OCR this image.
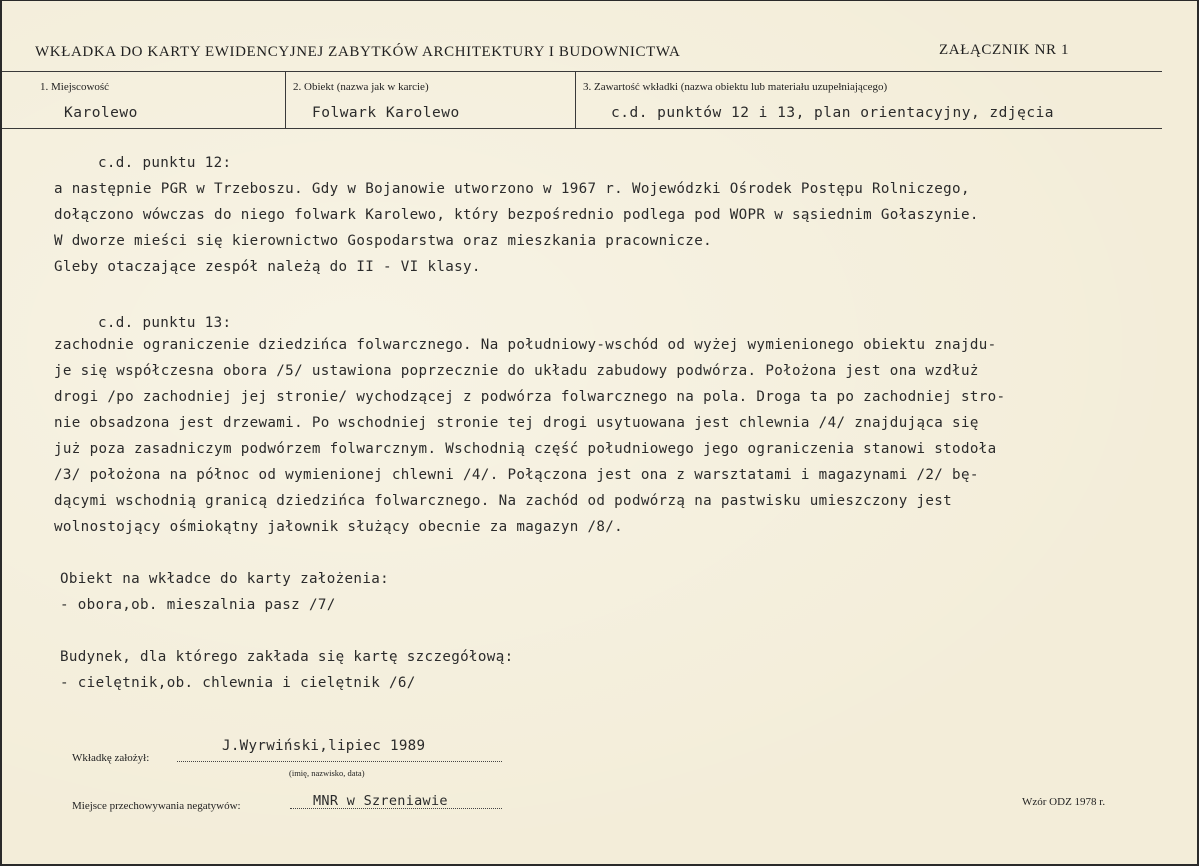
WKŁADKA DO KARTY EWIDENCYJNEJ ZABYTKÓW ARCHITEKTURY I BUDOWNICTWA	ZAŁĄCZNIK NR 1
1. Miejscowość
Karolewo
2. Obiekt (nazwa jak w karcie)
Folwark Karolewo
3. Zawartość wkładki (nazwa obiektu lub materiału uzupełniającego)
c.d. punktów 12 i 13, plan orientacyjny, zdjęcia
c.d. punktu 12:
a następnie PGR w Trzeboszu. Gdy w Bojanowie utworzono w 1967 r. Wojewódzki Ośrodek Postępu Rolniczego,
dołączono wówczas do niego folwark Karolewo, który bezpośrednio podlega pod WOPR w sąsiednim Gołaszynie.
W dworze mieści się kierownictwo Gospodarstwa oraz mieszkania pracownicze.
Gleby otaczające zespół należą do II - VI klasy.
c.d. punktu 13:
zachodnie ograniczenie dziedzińca folwarcznego. Na południowy-wschód od wyżej wymienionego obiektu znajdu-
je się współczesna obora /5/ ustawiona poprzecznie do układu zabudowy podwórza. Położona jest ona wzdłuż
drogi /po zachodniej jej stronie/ wychodzącej z podwórza folwarcznego na pola. Droga ta po zachodniej stro-
nie obsadzona jest drzewami. Po wschodniej stronie tej drogi usytuowana jest chlewnia /4/ znajdująca się
już poza zasadniczym podwórzem folwarcznym. Wschodnią część południowego jego ograniczenia stanowi stodoła
/3/ położona na północ od wymienionej chlewni /4/. Połączona jest ona z warsztatami i magazynami /2/ bę-
dącymi wschodnią granicą dziedzińca folwarcznego. Na zachód od podwórzą na pastwisku umieszczony jest
wolnostojący ośmiokątny jałownik służący obecnie za magazyn /8/.
Obiekt na wkładce do karty założenia:
- obora,ob. mieszalnia pasz /7/
Budynek, dla którego zakłada się kartę szczegółową:
- cielętnik,ob. chlewnia i cielętnik /6/
Wkładkę założył:
J.Wyrwiński,lipiec 1989
(imię, nazwisko, data)
Miejsce przechowywania negatywów:	MNR w Szreniawie	Wzór ODZ 1978 r.
